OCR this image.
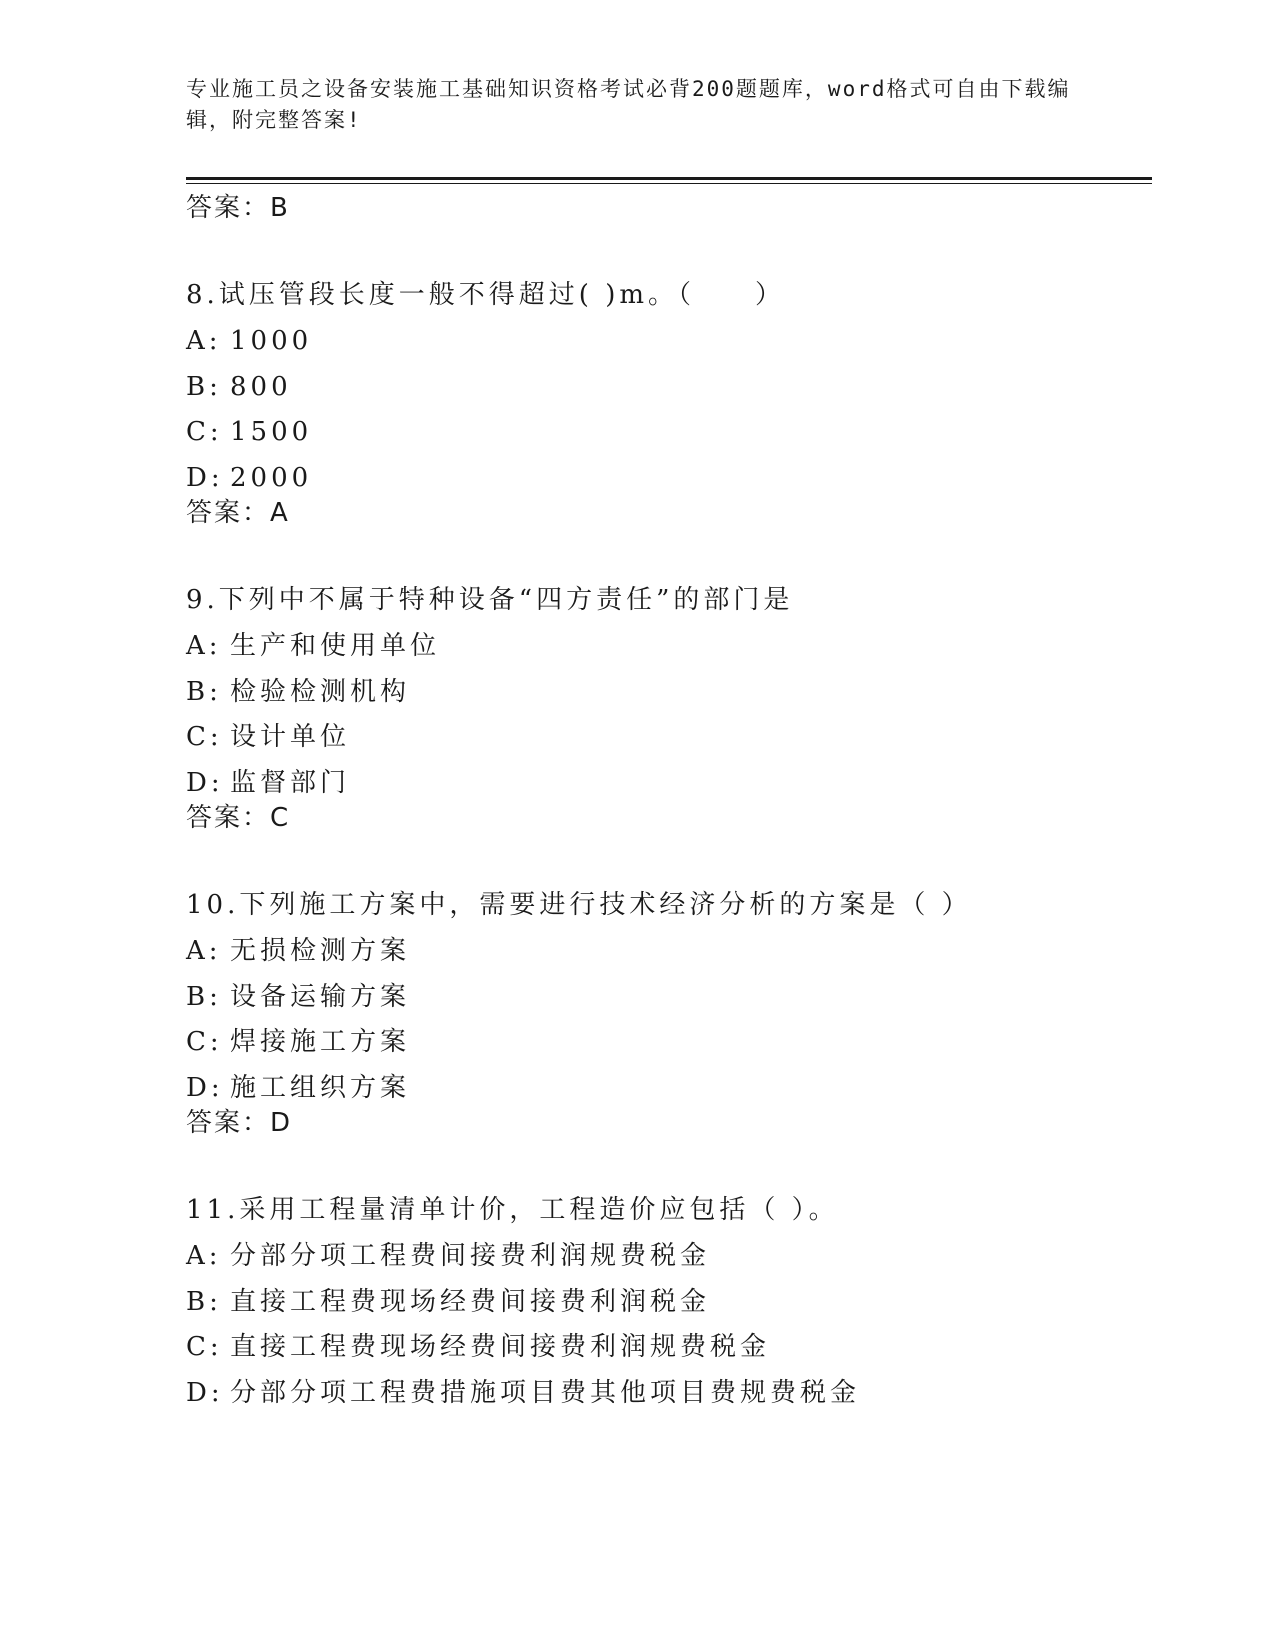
专业施工员之设备安装施工基础知识资格考试必背200题题库，word格式可自由下载编辑，附完整答案!
答案：B
8.试压管段长度一般不得超过( )m。（　　）
A: 1000
B: 800
C: 1500
D: 2000
答案：A
9.下列中不属于特种设备“四方责任”的部门是
A: 生产和使用单位
B: 检验检测机构
C: 设计单位
D: 监督部门
答案：C
10.下列施工方案中，需要进行技术经济分析的方案是（ ）
A: 无损检测方案
B: 设备运输方案
C: 焊接施工方案
D: 施工组织方案
答案：D
11.采用工程量清单计价，工程造价应包括（ ）。
A: 分部分项工程费间接费利润规费税金
B: 直接工程费现场经费间接费利润税金
C: 直接工程费现场经费间接费利润规费税金
D: 分部分项工程费措施项目费其他项目费规费税金
